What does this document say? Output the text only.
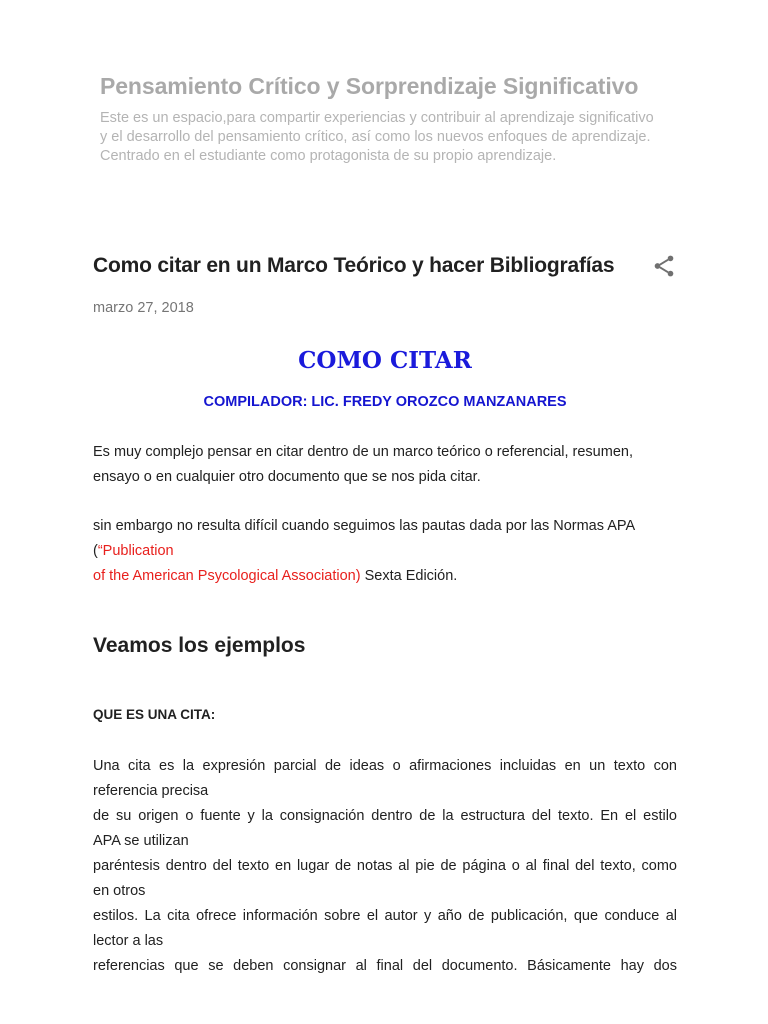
Pensamiento Crítico y Sorprendizaje Significativo
Este es un espacio,para compartir experiencias y contribuir al aprendizaje significativo y el desarrollo del pensamiento crítico, así como los nuevos enfoques de aprendizaje. Centrado en el estudiante como protagonista de su propio aprendizaje.
Como citar en un Marco Teórico y hacer Bibliografías
marzo 27, 2018
COMO CITAR
COMPILADOR: LIC. FREDY OROZCO MANZANARES
Es muy complejo pensar en citar dentro de un marco teórico o referencial, resumen, ensayo o en cualquier otro documento que se nos pida citar.
sin embargo no resulta difícil cuando seguimos las pautas dada por las Normas APA
(“Publication
of the American Psycological Association) Sexta Edición.
Veamos los ejemplos
QUE ES UNA CITA:
Una cita es la expresión parcial de ideas o afirmaciones incluidas en un texto con
referencia precisa
de su origen o fuente y la consignación dentro de la estructura del texto. En el estilo
APA se utilizan
paréntesis dentro del texto en lugar de notas al pie de página o al final del texto, como
en otros
estilos. La cita ofrece información sobre el autor y año de publicación, que conduce al
lector a las
referencias que se deben consignar al final del documento. Básicamente hay dos
